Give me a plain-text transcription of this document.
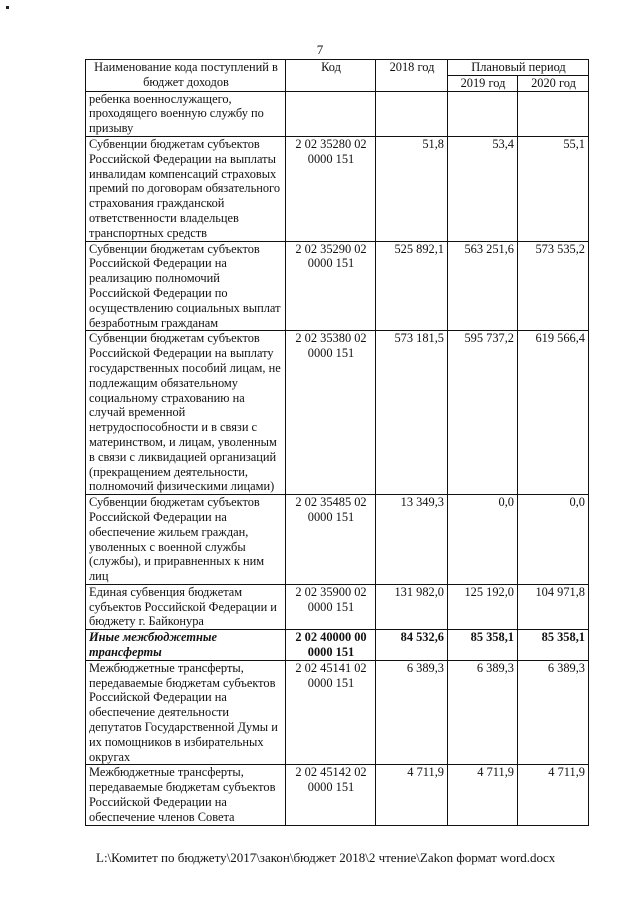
7
Наименование кода поступлений в бюджет доходов	Код	2018 год	Плановый период	
			2019 год	2020 год
ребенка военнослужащего, проходящего военную службу по призыву				
Субвенции бюджетам субъектов Российской Федерации на выплаты инвалидам компенсаций страховых премий по договорам обязательного страхования гражданской ответственности владельцев транспортных средств	2 02 35280 02 0000 151	51,8	53,4	55,1
Субвенции бюджетам субъектов Российской Федерации на реализацию полномочий Российской Федерации по осуществлению социальных выплат безработным гражданам	2 02 35290 02 0000 151	525 892,1	563 251,6	573 535,2
Субвенции бюджетам субъектов Российской Федерации на выплату государственных пособий лицам, не подлежащим обязательному социальному страхованию на случай временной нетрудоспособности и в связи с материнством, и лицам, уволенным в связи с ликвидацией организаций (прекращением деятельности, полномочий физическими лицами)	2 02 35380 02 0000 151	573 181,5	595 737,2	619 566,4
Субвенции бюджетам субъектов Российской Федерации на обеспечение жильем граждан, уволенных с военной службы (службы), и приравненных к ним лиц	2 02 35485 02 0000 151	13 349,3	0,0	0,0
Единая субвенция бюджетам субъектов Российской Федерации и бюджету г. Байконура	2 02 35900 02 0000 151	131 982,0	125 192,0	104 971,8
Иные межбюджетные трансферты	2 02 40000 00 0000 151	84 532,6	85 358,1	85 358,1
Межбюджетные трансферты, передаваемые бюджетам субъектов Российской Федерации на обеспечение деятельности депутатов Государственной Думы и их помощников в избирательных округах	2 02 45141 02 0000 151	6 389,3	6 389,3	6 389,3
Межбюджетные трансферты, передаваемые бюджетам субъектов Российской Федерации на обеспечение членов Совета	2 02 45142 02 0000 151	4 711,9	4 711,9	4 711,9
L:\Комитет по бюджету\2017\закон\бюджет 2018\2 чтение\Zakon формат word.docx
